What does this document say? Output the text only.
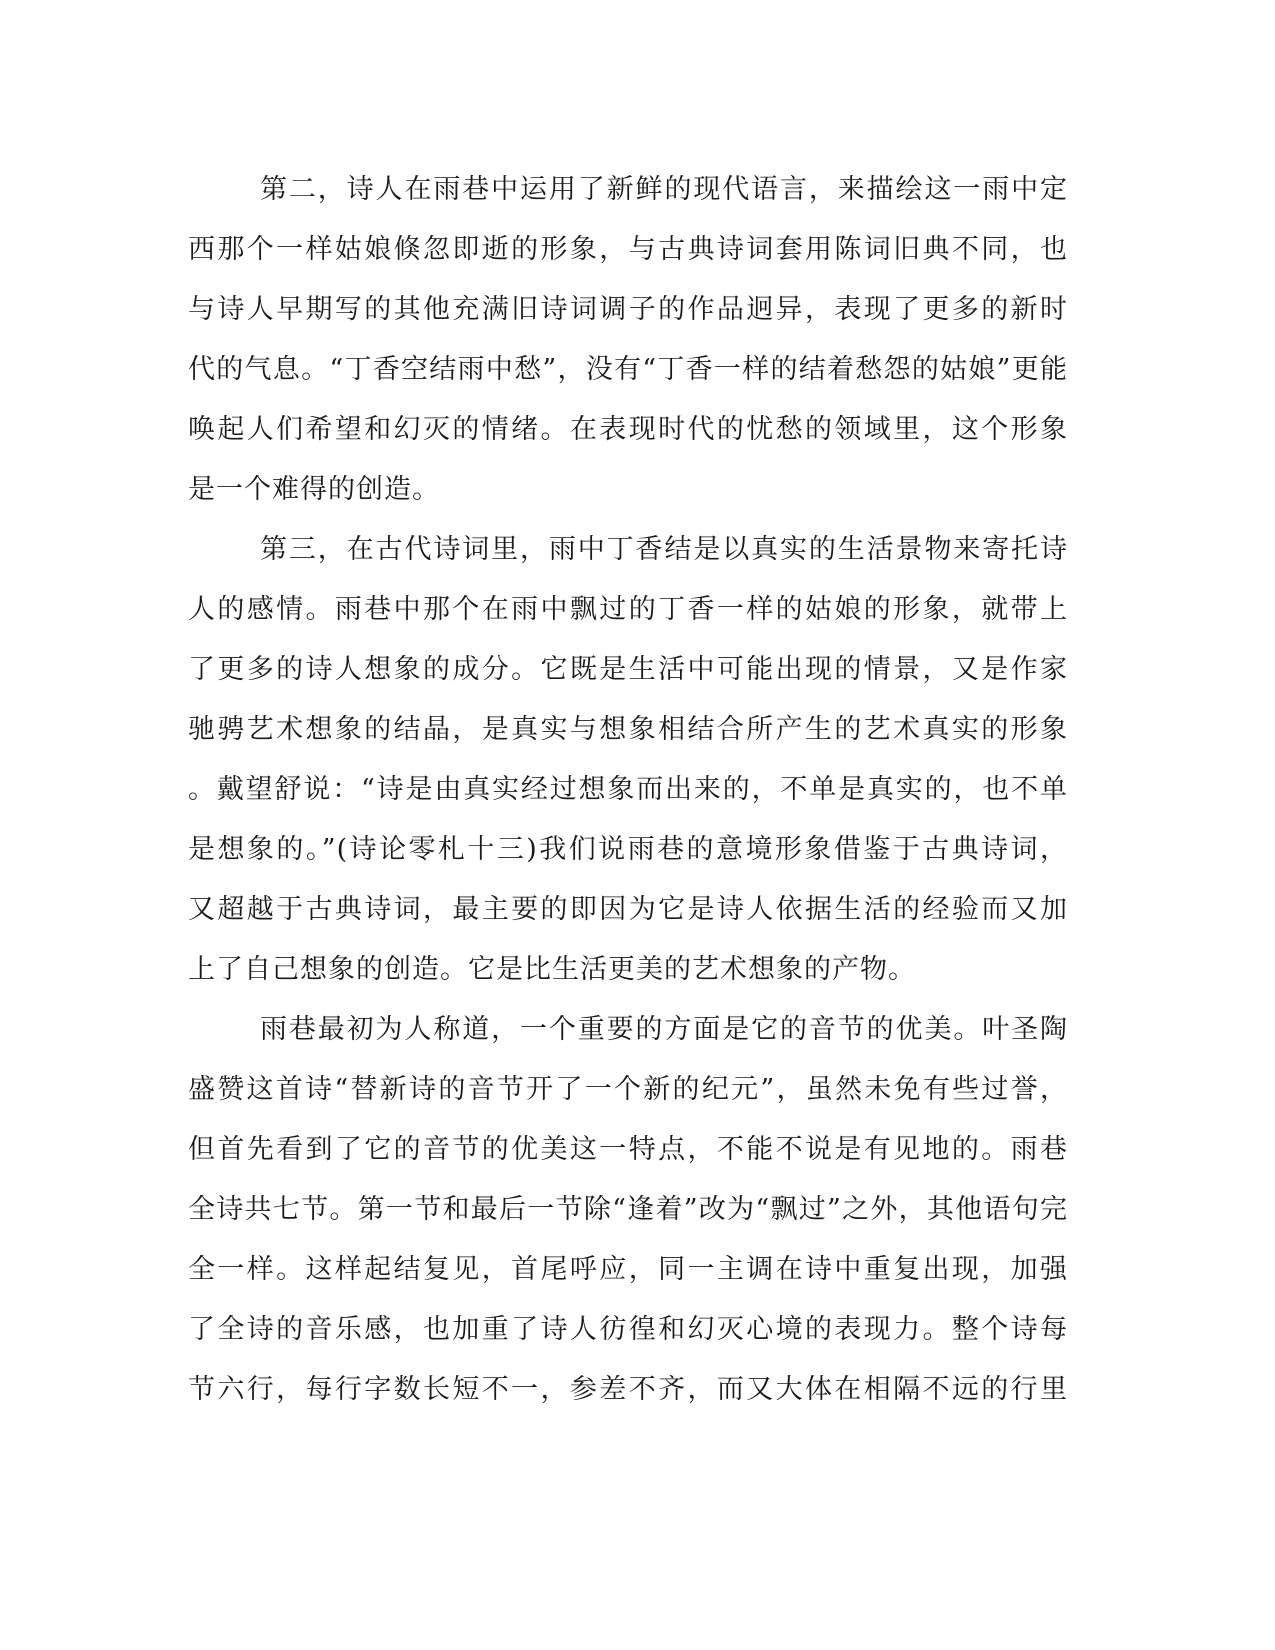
第二，诗人在雨巷中运用了新鲜的现代语言，来描绘这一雨中定
西那个一样姑娘倏忽即逝的形象，与古典诗词套用陈词旧典不同，也
与诗人早期写的其他充满旧诗词调子的作品迥异，表现了更多的新时
代的气息。“丁香空结雨中愁”，没有“丁香一样的结着愁怨的姑娘”更能
唤起人们希望和幻灭的情绪。在表现时代的忧愁的领域里，这个形象
是一个难得的创造。
第三，在古代诗词里，雨中丁香结是以真实的生活景物来寄托诗
人的感情。雨巷中那个在雨中飘过的丁香一样的姑娘的形象，就带上
了更多的诗人想象的成分。它既是生活中可能出现的情景，又是作家
驰骋艺术想象的结晶，是真实与想象相结合所产生的艺术真实的形象
。戴望舒说：“诗是由真实经过想象而出来的，不单是真实的，也不单
是想象的。”(诗论零札十三)我们说雨巷的意境形象借鉴于古典诗词，
又超越于古典诗词，最主要的即因为它是诗人依据生活的经验而又加
上了自己想象的创造。它是比生活更美的艺术想象的产物。
雨巷最初为人称道，一个重要的方面是它的音节的优美。叶圣陶
盛赞这首诗“替新诗的音节开了一个新的纪元”，虽然未免有些过誉，
但首先看到了它的音节的优美这一特点，不能不说是有见地的。雨巷
全诗共七节。第一节和最后一节除“逢着”改为“飘过”之外，其他语句完
全一样。这样起结复见，首尾呼应，同一主调在诗中重复出现，加强
了全诗的音乐感，也加重了诗人彷徨和幻灭心境的表现力。整个诗每
节六行，每行字数长短不一，参差不齐，而又大体在相隔不远的行里
